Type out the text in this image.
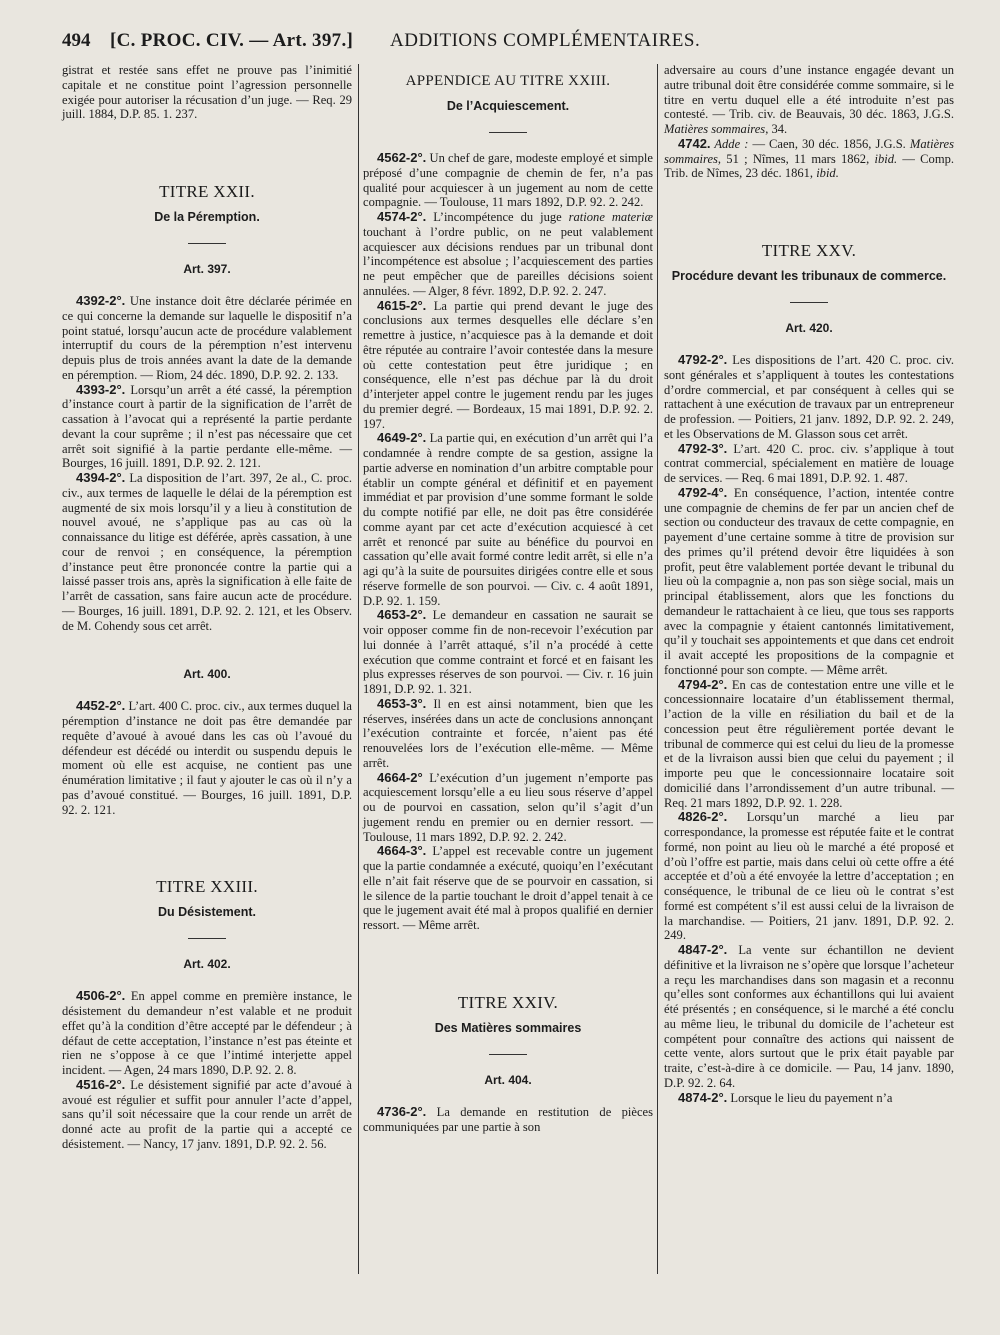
494 [C. PROC. CIV. — Art. 397.] ADDITIONS COMPLÉMENTAIRES.

gistrat et restée sans effet ne prouve pas l’inimitié capitale et ne constitue point l’agression personnelle exigée pour autoriser la récusation d’un juge. — Req. 29 juill. 1884, D.P. 85. 1. 237.

TITRE XXII.

De la Péremption.

Art. 397.

4392-2°. Une instance doit être déclarée périmée en ce qui concerne la demande sur laquelle le dispositif n’a point statué, lorsqu’aucun acte de procédure valablement interruptif du cours de la péremption n’est intervenu depuis plus de trois années avant la date de la demande en péremption. — Riom, 24 déc. 1890, D.P. 92. 2. 133.

4393-2°. Lorsqu’un arrêt a été cassé, la péremption d’instance court à partir de la signification de l’arrêt de cassation à l’avocat qui a représenté la partie perdante devant la cour suprême ; il n’est pas nécessaire que cet arrêt soit signifié à la partie perdante elle-même. — Bourges, 16 juill. 1891, D.P. 92. 2. 121.

4394-2°. La disposition de l’art. 397, 2e al., C. proc. civ., aux termes de laquelle le délai de la péremption est augmenté de six mois lorsqu’il y a lieu à constitution de nouvel avoué, ne s’applique pas au cas où la connaissance du litige est déférée, après cassation, à une cour de renvoi ; en conséquence, la péremption d’instance peut être prononcée contre la partie qui a laissé passer trois ans, après la signification à elle faite de l’arrêt de cassation, sans faire aucun acte de procédure. — Bourges, 16 juill. 1891, D.P. 92. 2. 121, et les Observ. de M. Cohendy sous cet arrêt.

Art. 400.

4452-2°. L’art. 400 C. proc. civ., aux termes duquel la péremption d’instance ne doit pas être demandée par requête d’avoué à avoué dans les cas où l’avoué du défendeur est décédé ou interdit ou suspendu depuis le moment où elle est acquise, ne contient pas une énumération limitative ; il faut y ajouter le cas où il n’y a pas d’avoué constitué. — Bourges, 16 juill. 1891, D.P. 92. 2. 121.

TITRE XXIII.

Du Désistement.

Art. 402.

4506-2°. En appel comme en première instance, le désistement du demandeur n’est valable et ne produit effet qu’à la condition d’être accepté par le défendeur ; à défaut de cette acceptation, l’instance n’est pas éteinte et rien ne s’oppose à ce que l’intimé interjette appel incident. — Agen, 24 mars 1890, D.P. 92. 2. 8.

4516-2°. Le désistement signifié par acte d’avoué à avoué est régulier et suffit pour annuler l’acte d’appel, sans qu’il soit nécessaire que la cour rende un arrêt de donné acte au profit de la partie qui a accepté ce désistement. — Nancy, 17 janv. 1891, D.P. 92. 2. 56.

APPENDICE AU TITRE XXIII.

De l’Acquiescement.

4562-2°. Un chef de gare, modeste employé et simple préposé d’une compagnie de chemin de fer, n’a pas qualité pour acquiescer à un jugement au nom de cette compagnie. — Toulouse, 11 mars 1892, D.P. 92. 2. 242.

4574-2°. L’incompétence du juge ratione materiæ touchant à l’ordre public, on ne peut valablement acquiescer aux décisions rendues par un tribunal dont l’incompétence est absolue ; l’acquiescement des parties ne peut empêcher que de pareilles décisions soient annulées. — Alger, 8 févr. 1892, D.P. 92. 2. 247.

4615-2°. La partie qui prend devant le juge des conclusions aux termes desquelles elle déclare s’en remettre à justice, n’acquiesce pas à la demande et doit être réputée au contraire l’avoir contestée dans la mesure où cette contestation peut être juridique ; en conséquence, elle n’est pas déchue par là du droit d’interjeter appel contre le jugement rendu par les juges du premier degré. — Bordeaux, 15 mai 1891, D.P. 92. 2. 197.

4649-2°. La partie qui, en exécution d’un arrêt qui l’a condamnée à rendre compte de sa gestion, assigne la partie adverse en nomination d’un arbitre comptable pour établir un compte général et définitif et en payement immédiat et par provision d’une somme formant le solde du compte notifié par elle, ne doit pas être considérée comme ayant par cet acte d’exécution acquiescé à cet arrêt et renoncé par suite au bénéfice du pourvoi en cassation qu’elle avait formé contre ledit arrêt, si elle n’a agi qu’à la suite de poursuites dirigées contre elle et sous réserve formelle de son pourvoi. — Civ. c. 4 août 1891, D.P. 92. 1. 159.

4653-2°. Le demandeur en cassation ne saurait se voir opposer comme fin de non-recevoir l’exécution par lui donnée à l’arrêt attaqué, s’il n’a procédé à cette exécution que comme contraint et forcé et en faisant les plus expresses réserves de son pourvoi. — Civ. r. 16 juin 1891, D.P. 92. 1. 321.

4653-3°. Il en est ainsi notamment, bien que les réserves, insérées dans un acte de conclusions annonçant l’exécution contrainte et forcée, n’aient pas été renouvelées lors de l’exécution elle-même. — Même arrêt.

4664-2° L’exécution d’un jugement n’emporte pas acquiescement lorsqu’elle a eu lieu sous réserve d’appel ou de pourvoi en cassation, selon qu’il s’agit d’un jugement rendu en premier ou en dernier ressort. — Toulouse, 11 mars 1892, D.P. 92. 2. 242.

4664-3°. L’appel est recevable contre un jugement que la partie condamnée a exécuté, quoiqu’en l’exécutant elle n’ait fait réserve que de se pourvoir en cassation, si le silence de la partie touchant le droit d’appel tenait à ce que le jugement avait été mal à propos qualifié en dernier ressort. — Même arrêt.

TITRE XXIV.

Des Matières sommaires

Art. 404.

4736-2°. La demande en restitution de pièces communiquées par une partie à son

adversaire au cours d’une instance engagée devant un autre tribunal doit être considérée comme sommaire, si le titre en vertu duquel elle a été introduite n’est pas contesté. — Trib. civ. de Beauvais, 30 déc. 1863, J.G.S. Matières sommaires, 34.

4742. Adde : — Caen, 30 déc. 1856, J.G.S. Matières sommaires, 51 ; Nîmes, 11 mars 1862, ibid. — Comp. Trib. de Nîmes, 23 déc. 1861, ibid.

TITRE XXV.

Procédure devant les tribunaux de commerce.

Art. 420.

4792-2°. Les dispositions de l’art. 420 C. proc. civ. sont générales et s’appliquent à toutes les contestations d’ordre commercial, et par conséquent à celles qui se rattachent à une exécution de travaux par un entrepreneur de profession. — Poitiers, 21 janv. 1892, D.P. 92. 2. 249, et les Observations de M. Glasson sous cet arrêt.

4792-3°. L’art. 420 C. proc. civ. s’applique à tout contrat commercial, spécialement en matière de louage de services. — Req. 6 mai 1891, D.P. 92. 1. 487.

4792-4°. En conséquence, l’action, intentée contre une compagnie de chemins de fer par un ancien chef de section ou conducteur des travaux de cette compagnie, en payement d’une certaine somme à titre de provision sur des primes qu’il prétend devoir être liquidées à son profit, peut être valablement portée devant le tribunal du lieu où la compagnie a, non pas son siège social, mais un principal établissement, alors que les fonctions du demandeur le rattachaient à ce lieu, que tous ses rapports avec la compagnie y étaient cantonnés limitativement, qu’il y touchait ses appointements et que dans cet endroit il avait accepté les propositions de la compagnie et fonctionné pour son compte. — Même arrêt.

4794-2°. En cas de contestation entre une ville et le concessionnaire locataire d’un établissement thermal, l’action de la ville en résiliation du bail et de la concession peut être régulièrement portée devant le tribunal de commerce qui est celui du lieu de la promesse et de la livraison aussi bien que celui du payement ; il importe peu que le concessionnaire locataire soit domicilié dans l’arrondissement d’un autre tribunal. — Req. 21 mars 1892, D.P. 92. 1. 228.

4826-2°. Lorsqu’un marché a lieu par correspondance, la promesse est réputée faite et le contrat formé, non point au lieu où le marché a été proposé et d’où l’offre est partie, mais dans celui où cette offre a été acceptée et d’où a été envoyée la lettre d’acceptation ; en conséquence, le tribunal de ce lieu où le contrat s’est formé est compétent s’il est aussi celui de la livraison de la marchandise. — Poitiers, 21 janv. 1891, D.P. 92. 2. 249.

4847-2°. La vente sur échantillon ne devient définitive et la livraison ne s’opère que lorsque l’acheteur a reçu les marchandises dans son magasin et a reconnu qu’elles sont conformes aux échantillons qui lui avaient été présentés ; en conséquence, si le marché a été conclu au même lieu, le tribunal du domicile de l’acheteur est compétent pour connaître des actions qui naissent de cette vente, alors surtout que le prix était payable par traite, c’est-à-dire à ce domicile. — Pau, 14 janv. 1890, D.P. 92. 2. 64.

4874-2°. Lorsque le lieu du payement n’a
